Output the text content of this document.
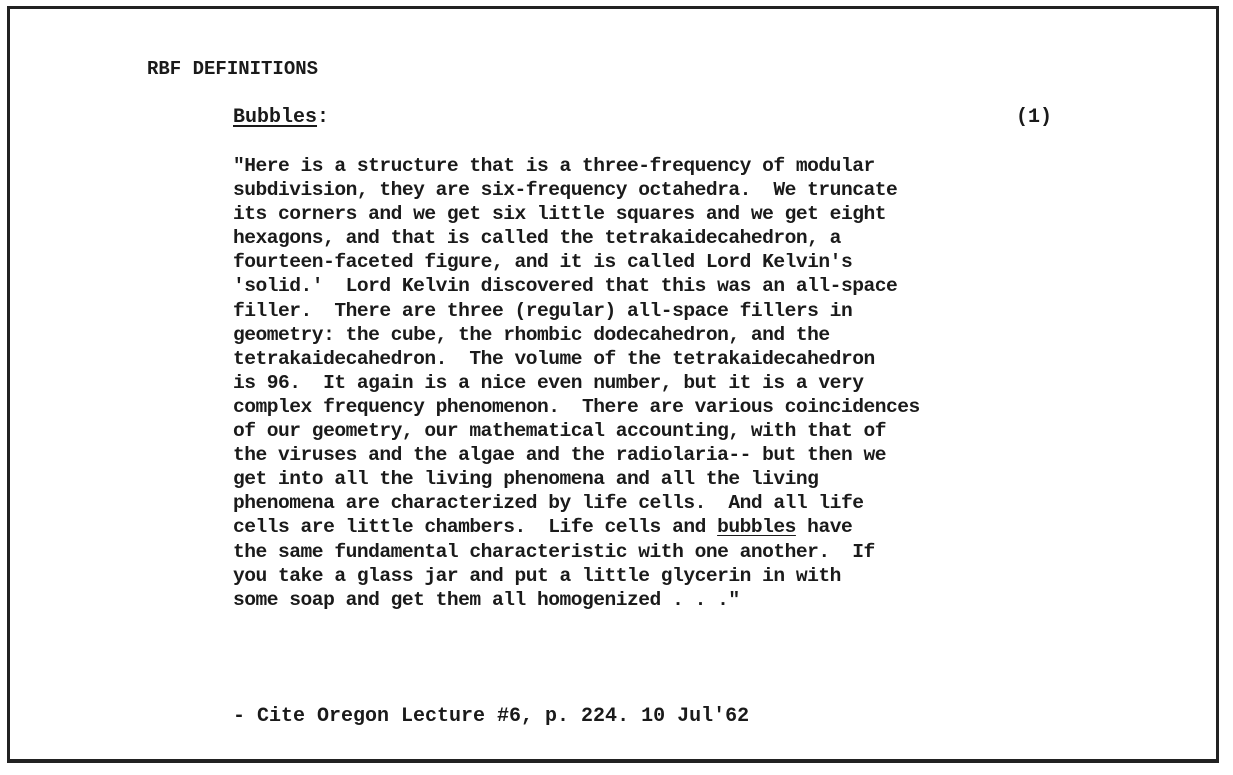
RBF DEFINITIONS
Bubbles:	(1)
"Here is a structure that is a three-frequency of modular
subdivision, they are six-frequency octahedra.  We truncate
its corners and we get six little squares and we get eight
hexagons, and that is called the tetrakaidecahedron, a
fourteen-faceted figure, and it is called Lord Kelvin's
'solid.'  Lord Kelvin discovered that this was an all-space
filler.  There are three (regular) all-space fillers in
geometry: the cube, the rhombic dodecahedron, and the
tetrakaidecahedron.  The volume of the tetrakaidecahedron
is 96.  It again is a nice even number, but it is a very
complex frequency phenomenon.  There are various coincidences
of our geometry, our mathematical accounting, with that of
the viruses and the algae and the radiolaria-- but then we
get into all the living phenomena and all the living
phenomena are characterized by life cells.  And all life
cells are little chambers.  Life cells and bubbles have
the same fundamental characteristic with one another.  If
you take a glass jar and put a little glycerin in with
some soap and get them all homogenized . . ."
- Cite Oregon Lecture #6, p. 224. 10 Jul'62
